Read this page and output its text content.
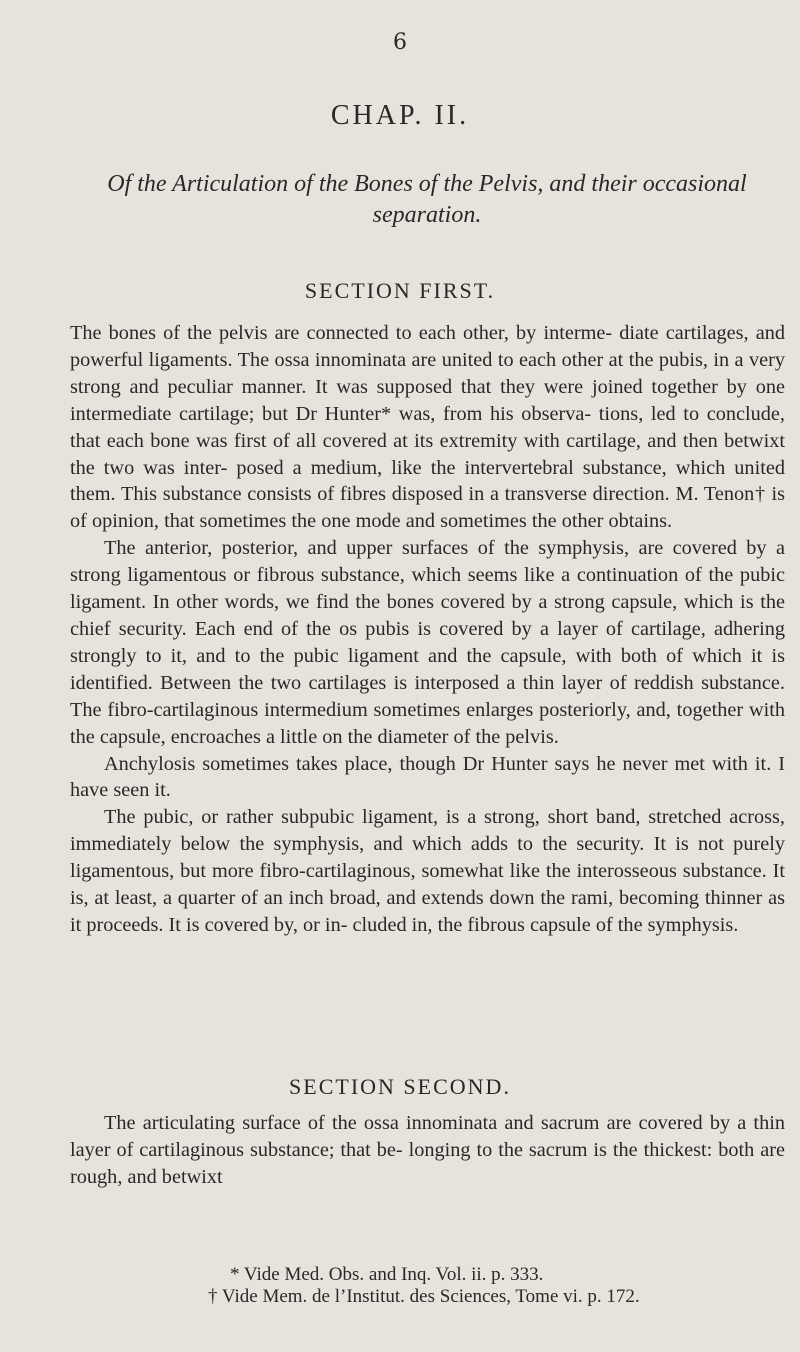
6
CHAP. II.
Of the Articulation of the Bones of the Pelvis, and their occasional separation.
SECTION FIRST.

The bones of the pelvis are connected to each other, by interme- diate cartilages, and powerful ligaments. The ossa innominata are united to each other at the pubis, in a very strong and peculiar manner. It was supposed that they were joined together by one intermediate cartilage; but Dr Hunter* was, from his observa- tions, led to conclude, that each bone was first of all covered at its extremity with cartilage, and then betwixt the two was inter- posed a medium, like the intervertebral substance, which united them. This substance consists of fibres disposed in a transverse direction. M. Tenon† is of opinion, that sometimes the one mode and sometimes the other obtains.

The anterior, posterior, and upper surfaces of the symphysis, are covered by a strong ligamentous or fibrous substance, which seems like a continuation of the pubic ligament. In other words, we find the bones covered by a strong capsule, which is the chief security. Each end of the os pubis is covered by a layer of cartilage, adhering strongly to it, and to the pubic ligament and the capsule, with both of which it is identified. Between the two cartilages is interposed a thin layer of reddish substance. The fibro-cartilaginous intermedium sometimes enlarges posteriorly, and, together with the capsule, encroaches a little on the diameter of the pelvis.

Anchylosis sometimes takes place, though Dr Hunter says he never met with it. I have seen it.

The pubic, or rather subpubic ligament, is a strong, short band, stretched across, immediately below the symphysis, and which adds to the security. It is not purely ligamentous, but more fibro-cartilaginous, somewhat like the interosseous substance. It is, at least, a quarter of an inch broad, and extends down the rami, becoming thinner as it proceeds. It is covered by, or in- cluded in, the fibrous capsule of the symphysis.

SECTION SECOND.

The articulating surface of the ossa innominata and sacrum are covered by a thin layer of cartilaginous substance; that be- longing to the sacrum is the thickest: both are rough, and betwixt

* Vide Med. Obs. and Inq. Vol. ii. p. 333.

† Vide Mem. de l’Institut. des Sciences, Tome vi. p. 172.
